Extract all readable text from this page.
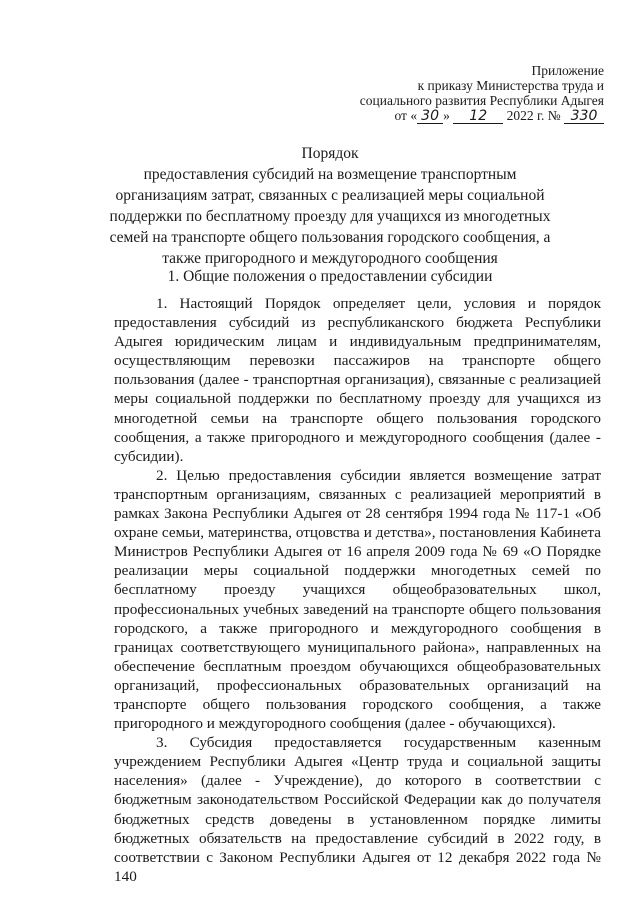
Приложение
к приказу Министерства труда и
социального развития Республики Адыгея
от « 30 » 12 2022 г. № 330
Порядок
предоставления субсидий на возмещение транспортным организациям затрат, связанных с реализацией меры социальной поддержки по бесплатному проезду для учащихся из многодетных семей на транспорте общего пользования городского сообщения, а также пригородного и междугородного сообщения
1. Общие положения о предоставлении субсидии

1. Настоящий Порядок определяет цели, условия и порядок предоставления субсидий из республиканского бюджета Республики Адыгея юридическим лицам и индивидуальным предпринимателям, осуществляющим перевозки пассажиров на транспорте общего пользования (далее - транспортная организация), связанные с реализацией меры социальной поддержки по бесплатному проезду для учащихся из многодетной семьи на транспорте общего пользования городского сообщения, а также пригородного и междугородного сообщения (далее - субсидии).

2. Целью предоставления субсидии является возмещение затрат транспортным организациям, связанных с реализацией мероприятий в рамках Закона Республики Адыгея от 28 сентября 1994 года № 117-1 «Об охране семьи, материнства, отцовства и детства», постановления Кабинета Министров Республики Адыгея от 16 апреля 2009 года № 69 «О Порядке реализации меры социальной поддержки многодетных семей по бесплатному проезду учащихся общеобразовательных школ, профессиональных учебных заведений на транспорте общего пользования городского, а также пригородного и междугородного сообщения в границах соответствующего муниципального района», направленных на обеспечение бесплатным проездом обучающихся общеобразовательных организаций, профессиональных образовательных организаций на транспорте общего пользования городского сообщения, а также пригородного и междугородного сообщения (далее - обучающихся).

3. Субсидия предоставляется государственным казенным учреждением Республики Адыгея «Центр труда и социальной защиты населения» (далее - Учреждение), до которого в соответствии с бюджетным законодательством Российской Федерации как до получателя бюджетных средств доведены в установленном порядке лимиты бюджетных обязательств на предоставление субсидий в 2022 году, в соответствии с Законом Республики Адыгея от 12 декабря 2022 года № 140
